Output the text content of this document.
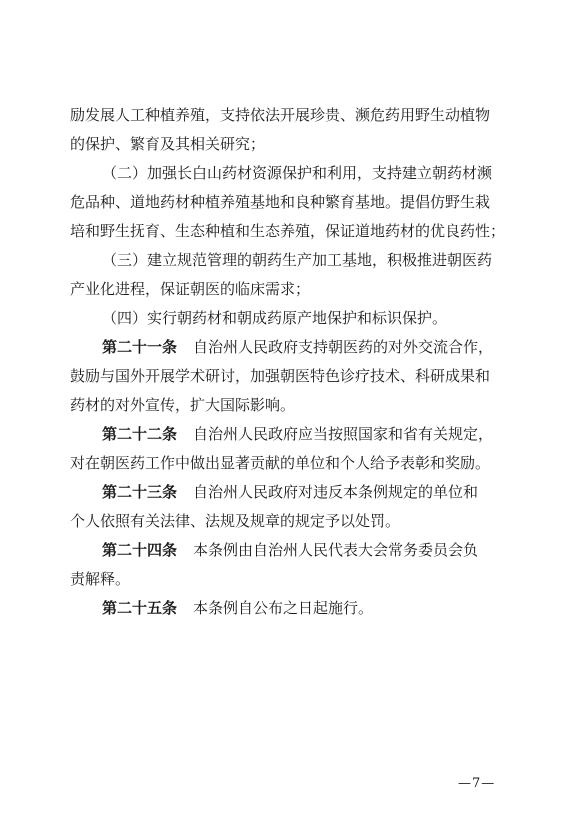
励发展人工种植养殖，支持依法开展珍贵、濒危药用野生动植物
的保护、繁育及其相关研究；
（二）加强长白山药材资源保护和利用，支持建立朝药材濒
危品种、道地药材种植养殖基地和良种繁育基地。提倡仿野生栽
培和野生抚育、生态种植和生态养殖，保证道地药材的优良药性；
（三）建立规范管理的朝药生产加工基地，积极推进朝医药
产业化进程，保证朝医的临床需求；
（四）实行朝药材和朝成药原产地保护和标识保护。
第二十一条 自治州人民政府支持朝医药的对外交流合作，
鼓励与国外开展学术研讨，加强朝医特色诊疗技术、科研成果和
药材的对外宣传，扩大国际影响。
第二十二条 自治州人民政府应当按照国家和省有关规定，
对在朝医药工作中做出显著贡献的单位和个人给予表彰和奖励。
第二十三条 自治州人民政府对违反本条例规定的单位和
个人依照有关法律、法规及规章的规定予以处罚。
第二十四条 本条例由自治州人民代表大会常务委员会负
责解释。
第二十五条 本条例自公布之日起施行。
—7—
